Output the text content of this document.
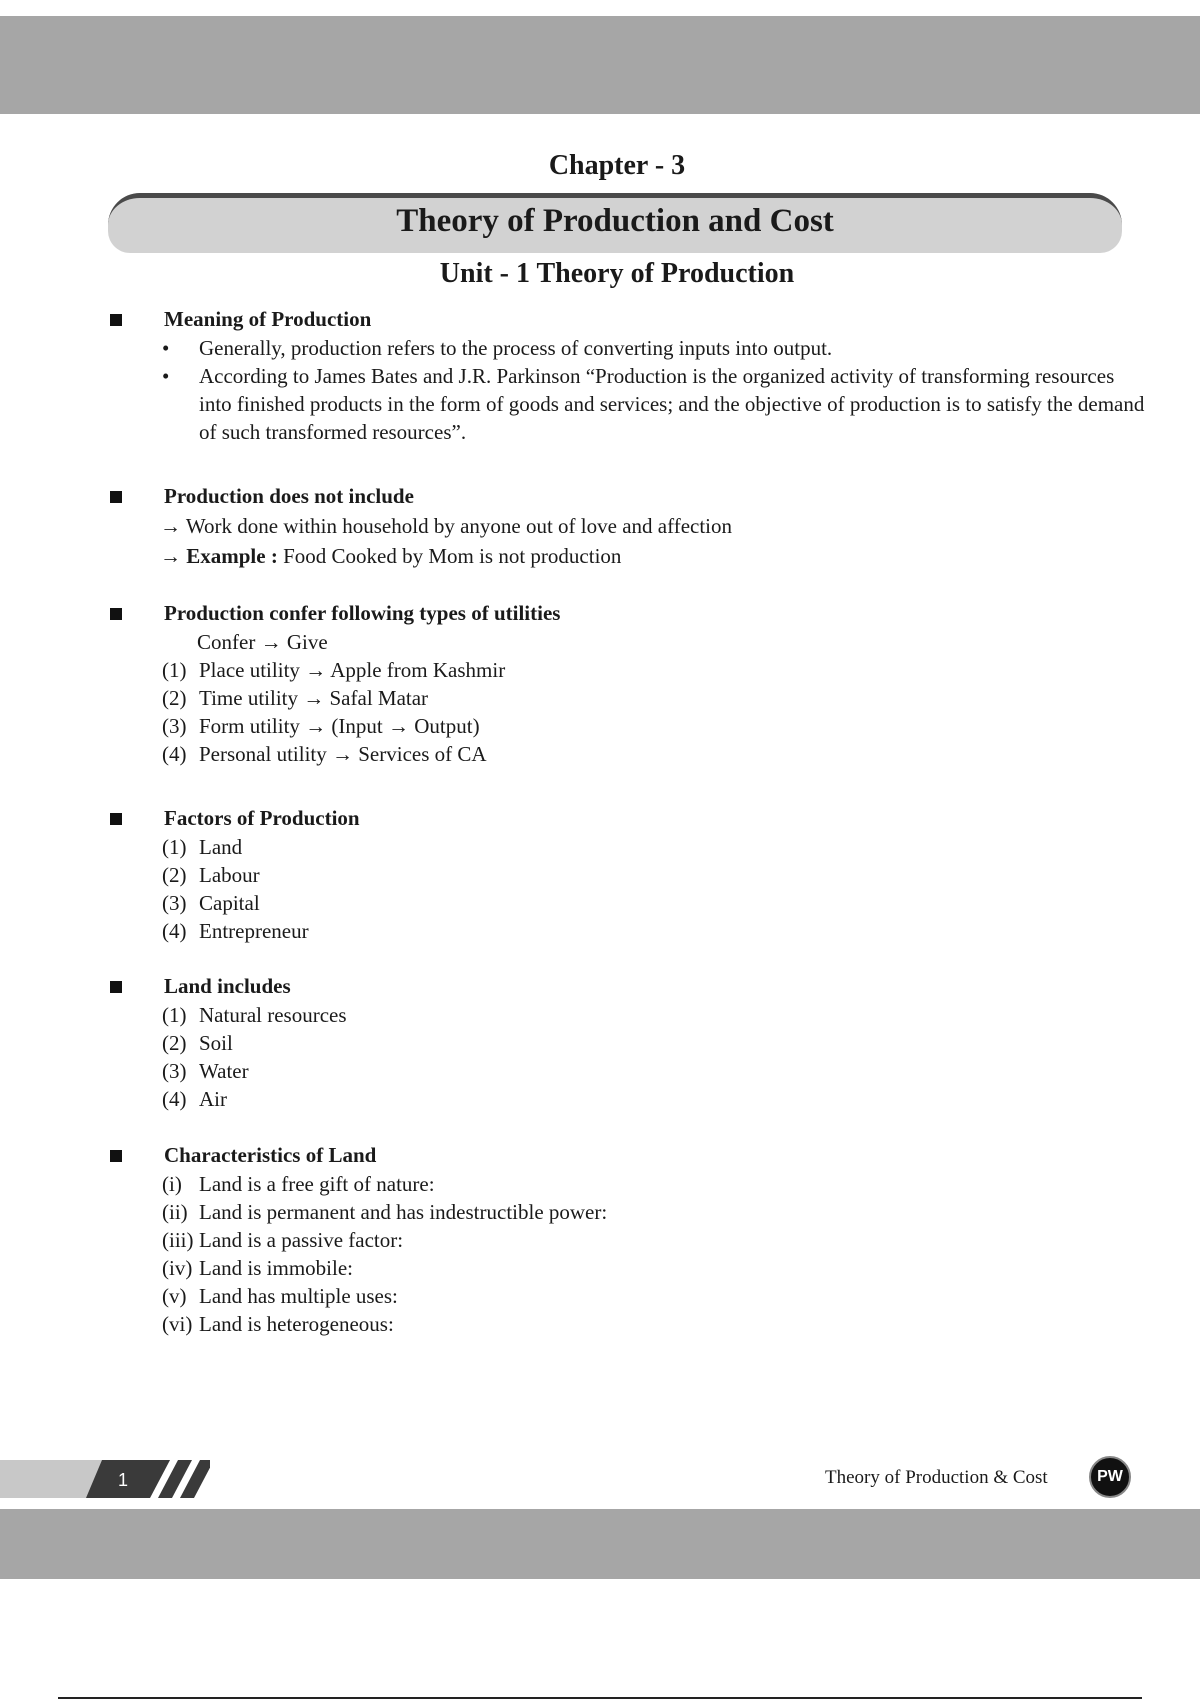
Chapter - 3
Theory of Production and Cost
Unit - 1 Theory of Production
Meaning of Production
• Generally, production refers to the process of converting inputs into output.
• According to James Bates and J.R. Parkinson “Production is the organized activity of transforming resources into finished products in the form of goods and services; and the objective of production is to satisfy the demand of such transformed resources”.
Production does not include
→ Work done within household by anyone out of love and affection
→ Example : Food Cooked by Mom is not production
Production confer following types of utilities
Confer → Give
(1) Place utility → Apple from Kashmir
(2) Time utility → Safal Matar
(3) Form utility → (Input → Output)
(4) Personal utility → Services of CA
Factors of Production
(1) Land
(2) Labour
(3) Capital
(4) Entrepreneur
Land includes
(1) Natural resources
(2) Soil
(3) Water
(4) Air
Characteristics of Land
(i) Land is a free gift of nature:
(ii) Land is permanent and has indestructible power:
(iii) Land is a passive factor:
(iv) Land is immobile:
(v) Land has multiple uses:
(vi) Land is heterogeneous:
1	Theory of Production & Cost	PW
